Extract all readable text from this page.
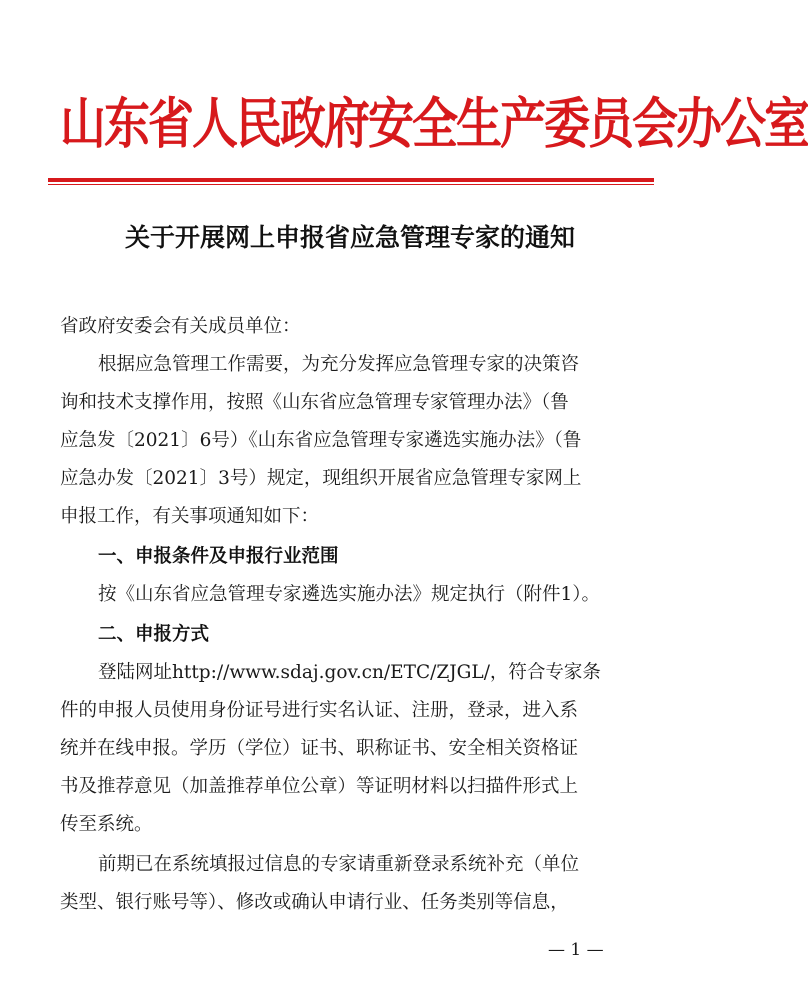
山东省人民政府安全生产委员会办公室
关于开展网上申报省应急管理专家的通知
省政府安委会有关成员单位：
根据应急管理工作需要，为充分发挥应急管理专家的决策咨
询和技术支撑作用，按照《山东省应急管理专家管理办法》（鲁
应急发〔2021〕6号）《山东省应急管理专家遴选实施办法》（鲁
应急办发〔2021〕3号）规定，现组织开展省应急管理专家网上
申报工作，有关事项通知如下：
一、申报条件及申报行业范围
按《山东省应急管理专家遴选实施办法》规定执行（附件1）。
二、申报方式
登陆网址http://www.sdaj.gov.cn/ETC/ZJGL/，符合专家条
件的申报人员使用身份证号进行实名认证、注册，登录，进入系
统并在线申报。学历（学位）证书、职称证书、安全相关资格证
书及推荐意见（加盖推荐单位公章）等证明材料以扫描件形式上
传至系统。
前期已在系统填报过信息的专家请重新登录系统补充（单位
类型、银行账号等）、修改或确认申请行业、任务类别等信息，
— 1 —
